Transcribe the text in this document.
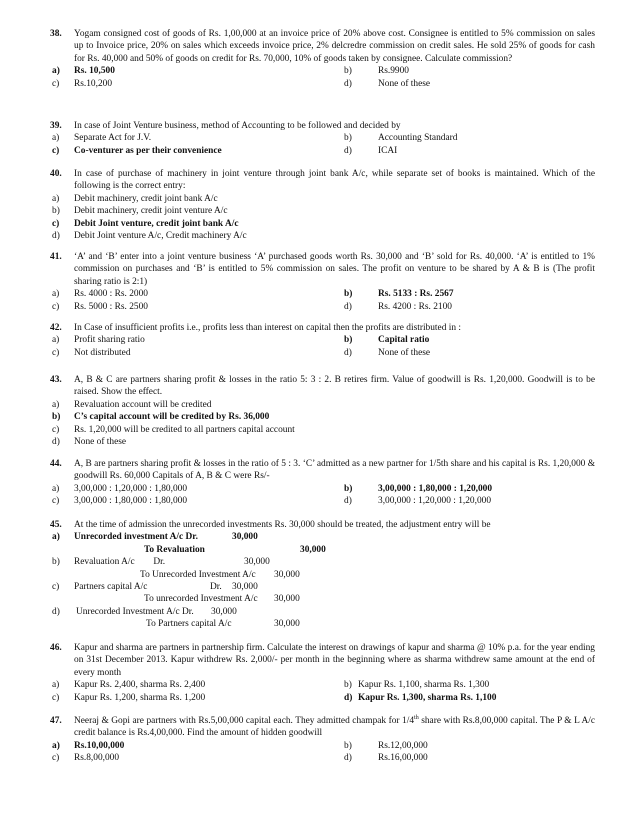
38. Yogam consigned cost of goods of Rs. 1,00,000 at an invoice price of 20% above cost. Consignee is entitled to 5% commission on sales up to Invoice price, 20% on sales which exceeds invoice price, 2% delcredre commission on credit sales. He sold 25% of goods for cash for Rs. 40,000 and 50% of goods on credit for Rs. 70,000, 10% of goods taken by consignee. Calculate commission?
a)	Rs. 10,500	b)	Rs.9900
c)	Rs.10,200	d)	None of these
39. In case of Joint Venture business, method of Accounting to be followed and decided by
a)	Separate Act for J.V.	b)	Accounting Standard
c)	Co-venturer as per their convenience	d)	ICAI
40. In case of purchase of machinery in joint venture through joint bank A/c, while separate set of books is maintained. Which of the following is the correct entry:
a)	Debit machinery, credit joint bank A/c
b)	Debit machinery, credit joint venture A/c
c)	Debit Joint venture, credit joint bank A/c
d)	Debit Joint venture A/c, Credit machinery A/c
41. ‘A’ and ‘B’ enter into a joint venture business ‘A’ purchased goods worth Rs. 30,000 and ‘B’ sold for Rs. 40,000. ‘A’ is entitled to 1% commission on purchases and ‘B’ is entitled to 5% commission on sales. The profit on venture to be shared by A & B is (The profit sharing ratio is 2:1)
a)	Rs. 4000 : Rs. 2000	b)	Rs. 5133 : Rs. 2567
c)	Rs. 5000 : Rs. 2500	d)	Rs. 4200 : Rs. 2100
42. In Case of insufficient profits i.e., profits less than interest on capital then the profits are distributed in :
a)	Profit sharing ratio	b)	Capital ratio
c)	Not distributed	d)	None of these
43. A, B & C are partners sharing profit & losses in the ratio 5: 3 : 2. B retires firm. Value of goodwill is Rs. 1,20,000. Goodwill is to be raised. Show the effect.
a)	Revaluation account will be credited
b)	C’s capital account will be credited by Rs. 36,000
c)	Rs. 1,20,000 will be credited to all partners capital account
d)	None of these
44. A, B are partners sharing profit & losses in the ratio of 5 : 3. ‘C’ admitted as a new partner for 1/5th share and his capital is Rs. 1,20,000 & goodwill Rs. 60,000 Capitals of A, B & C were Rs/-
a)	3,00,000 : 1,20,000 : 1,80,000	b)	3,00,000 : 1,80,000 : 1,20,000
c)	3,00,000 : 1,80,000 : 1,80,000	d)	3,00,000 : 1,20,000 : 1,20,000
45. At the time of admission the unrecorded investments Rs. 30,000 should be treated, the adjustment entry will be
a)	Unrecorded investment A/c Dr.	30,000
To Revaluation	30,000
b)	Revaluation A/c        Dr.	30,000
To Unrecorded Investment A/c	30,000
c)	Partners capital A/c	Dr.	30,000
To unrecorded Investment A/c	30,000
d)	Unrecorded Investment A/c Dr.	30,000
To Partners capital A/c	30,000
46. Kapur and sharma are partners in partnership firm. Calculate the interest on drawings of kapur and sharma @ 10% p.a. for the year ending on 31st December 2013. Kapur withdrew Rs. 2,000/- per month in the beginning where as sharma withdrew same amount at the end of every month
a)	Kapur Rs. 2,400, sharma Rs. 2,400	b) Kapur Rs. 1,100, sharma Rs. 1,300
c)	Kapur Rs. 1,200, sharma Rs. 1,200	d) Kapur Rs. 1,300, sharma Rs. 1,100
47. Neeraj & Gopi are partners with Rs.5,00,000 capital each. They admitted champak for 1/4th share with Rs.8,00,000 capital. The P & L A/c credit balance is Rs.4,00,000. Find the amount of hidden goodwill
a)	Rs.10,00,000	b)	Rs.12,00,000
c)	Rs.8,00,000	d)	Rs.16,00,000
